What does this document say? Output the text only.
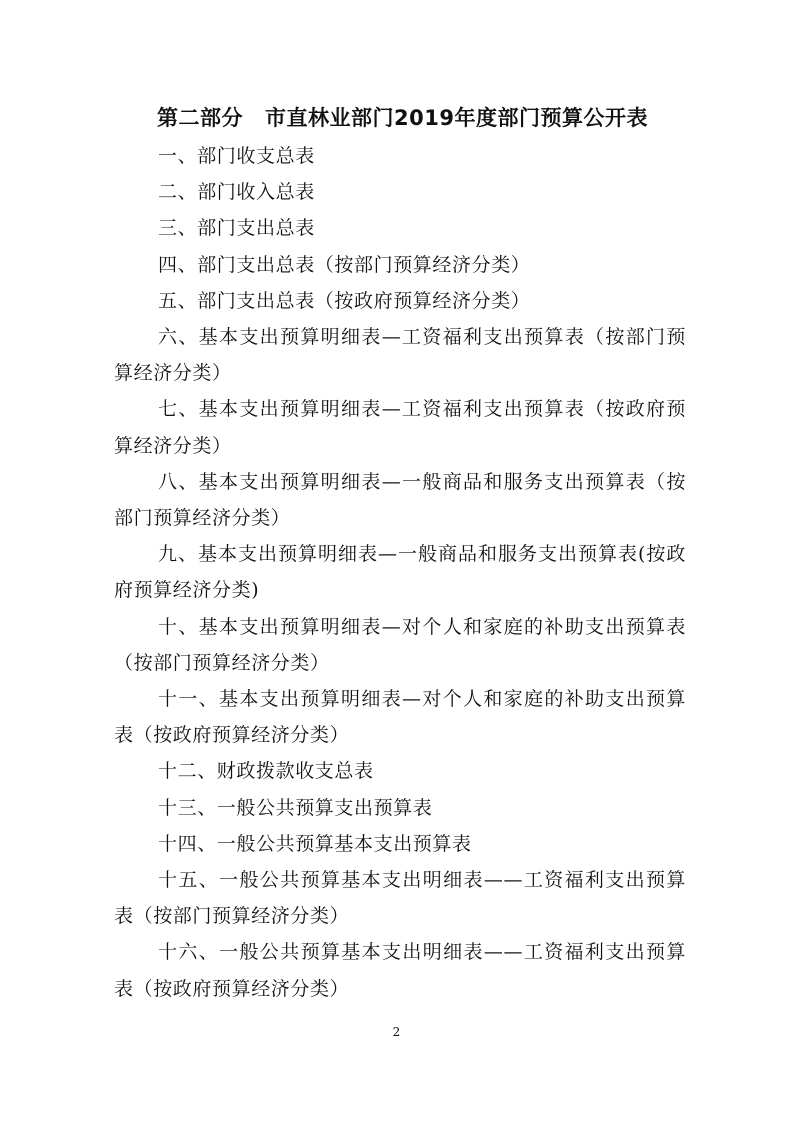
第二部分 市直林业部门2019年度部门预算公开表

一、部门收支总表

二、部门收入总表

三、部门支出总表

四、部门支出总表（按部门预算经济分类）

五、部门支出总表（按政府预算经济分类）

六、基本支出预算明细表—工资福利支出预算表（按部门预算经济分类）

七、基本支出预算明细表—工资福利支出预算表（按政府预算经济分类）

八、基本支出预算明细表—一般商品和服务支出预算表（按部门预算经济分类）

九、基本支出预算明细表—一般商品和服务支出预算表(按政府预算经济分类)

十、基本支出预算明细表—对个人和家庭的补助支出预算表（按部门预算经济分类）

十一、基本支出预算明细表—对个人和家庭的补助支出预算表（按政府预算经济分类）

十二、财政拨款收支总表

十三、一般公共预算支出预算表

十四、一般公共预算基本支出预算表

十五、一般公共预算基本支出明细表——工资福利支出预算表（按部门预算经济分类）

十六、一般公共预算基本支出明细表——工资福利支出预算表（按政府预算经济分类）

2
